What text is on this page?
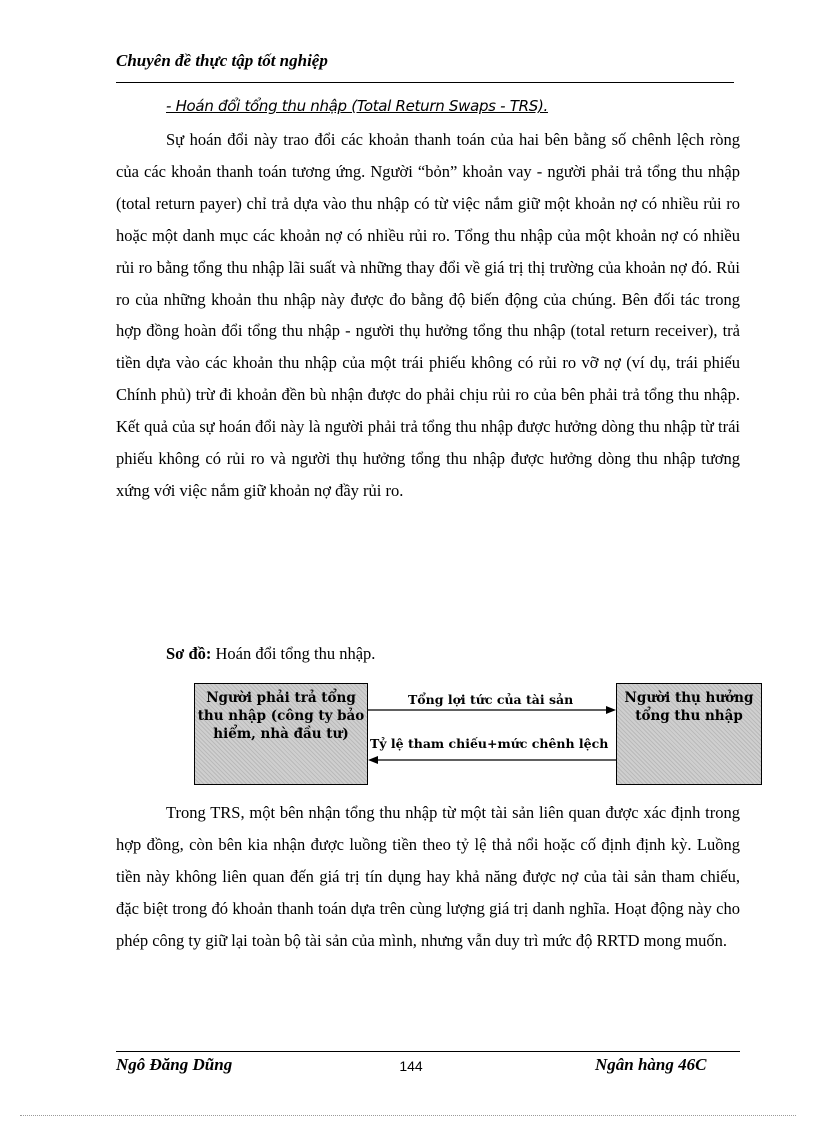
Chuyên đề thực tập tốt nghiệp
- Hoán đổi tổng thu nhập (Total Return Swaps - TRS).

Sự hoán đổi này trao đổi các khoản thanh toán của hai bên bằng số chênh lệch ròng của các khoản thanh toán tương ứng. Người “bỏn” khoản vay - người phải trả tổng thu nhập (total return payer) chỉ trả dựa vào thu nhập có từ việc nắm giữ một khoản nợ có nhiều rủi ro hoặc một danh mục các khoản nợ có nhiều rủi ro. Tổng thu nhập của một khoản nợ có nhiều rủi ro bằng tổng thu nhập lãi suất và những thay đổi về giá trị thị trường của khoản nợ đó. Rủi ro của những khoản thu nhập này được đo bằng độ biến động của chúng. Bên đối tác trong hợp đồng hoàn đổi tổng thu nhập - người thụ hưởng tổng thu nhập (total return receiver), trả tiền dựa vào các khoản thu nhập của một trái phiếu không có rủi ro vỡ nợ (ví dụ, trái phiếu Chính phủ) trừ đi khoản đền bù nhận được do phải chịu rủi ro của bên phải trả tổng thu nhập. Kết quả của sự hoán đổi này là người phải trả tổng thu nhập được hưởng dòng thu nhập từ trái phiếu không có rủi ro và người thụ hưởng tổng thu nhập được hưởng dòng thu nhập tương xứng với việc nắm giữ khoản nợ đầy rủi ro.

Sơ đồ: Hoán đổi tổng thu nhập.
Người phải trả tổng thu nhập (công ty bảo hiểm, nhà đầu tư)
Người thụ hưởng tổng thu nhập
Tổng lợi tức của tài sản
Tỷ lệ tham chiếu+mức chênh lệch

Trong TRS, một bên nhận tổng thu nhập từ một tài sản liên quan được xác định trong hợp đồng, còn bên kia nhận được luồng tiền theo tỷ lệ thả nổi hoặc cố định định kỳ. Luồng tiền này không liên quan đến giá trị tín dụng hay khả năng được nợ của tài sản tham chiếu, đặc biệt trong đó khoản thanh toán dựa trên cùng lượng giá trị danh nghĩa. Hoạt động này cho phép công ty giữ lại toàn bộ tài sản của mình, nhưng vẫn duy trì mức độ RRTD mong muốn.

Ngô Đăng Dũng	144	Ngân hàng 46C
